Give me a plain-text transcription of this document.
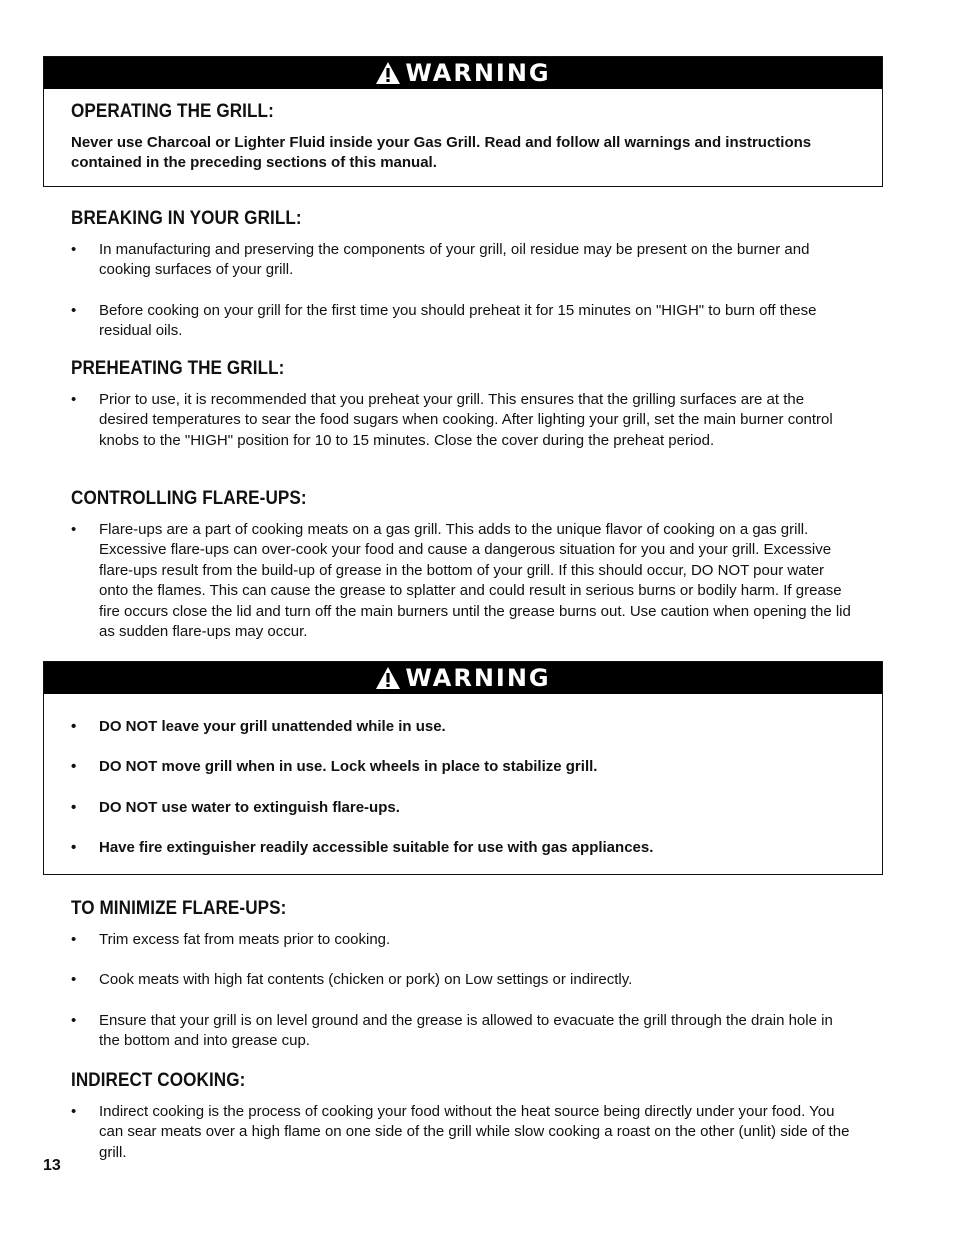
WARNING
OPERATING THE GRILL:

Never use Charcoal or Lighter Fluid inside your Gas Grill. Read and follow all warnings and instructions contained in the preceding sections of this manual.

BREAKING IN YOUR GRILL:
• In manufacturing and preserving the components of your grill, oil residue may be present on the burner and cooking surfaces of your grill.
• Before cooking on your grill for the first time you should preheat it for 15 minutes on "HIGH" to burn off these residual oils.
PREHEATING THE GRILL:
• Prior to use, it is recommended that you preheat your grill. This ensures that the grilling surfaces are at the desired temperatures to sear the food sugars when cooking. After lighting your grill, set the main burner control knobs to the "HIGH" position for 10 to 15 minutes. Close the cover during the preheat period.
CONTROLLING FLARE-UPS:
• Flare-ups are a part of cooking meats on a gas grill. This adds to the unique flavor of cooking on a gas grill. Excessive flare-ups can over-cook your food and cause a dangerous situation for you and your grill. Excessive flare-ups result from the build-up of grease in the bottom of your grill. If this should occur, DO NOT pour water onto the flames. This can cause the grease to splatter and could result in serious burns or bodily harm. If grease fire occurs close the lid and turn off the main burners until the grease burns out. Use caution when opening the lid as sudden flare-ups may occur.
WARNING
• DO NOT leave your grill unattended while in use.
• DO NOT move grill when in use. Lock wheels in place to stabilize grill.
• DO NOT use water to extinguish flare-ups.
• Have fire extinguisher readily accessible suitable for use with gas appliances.
TO MINIMIZE FLARE-UPS:
• Trim excess fat from meats prior to cooking.
• Cook meats with high fat contents (chicken or pork) on Low settings or indirectly.
• Ensure that your grill is on level ground and the grease is allowed to evacuate the grill through the drain hole in the bottom and into grease cup.
INDIRECT COOKING:
• Indirect cooking is the process of cooking your food without the heat source being directly under your food. You can sear meats over a high flame on one side of the grill while slow cooking a roast on the other (unlit) side of the grill.
13
